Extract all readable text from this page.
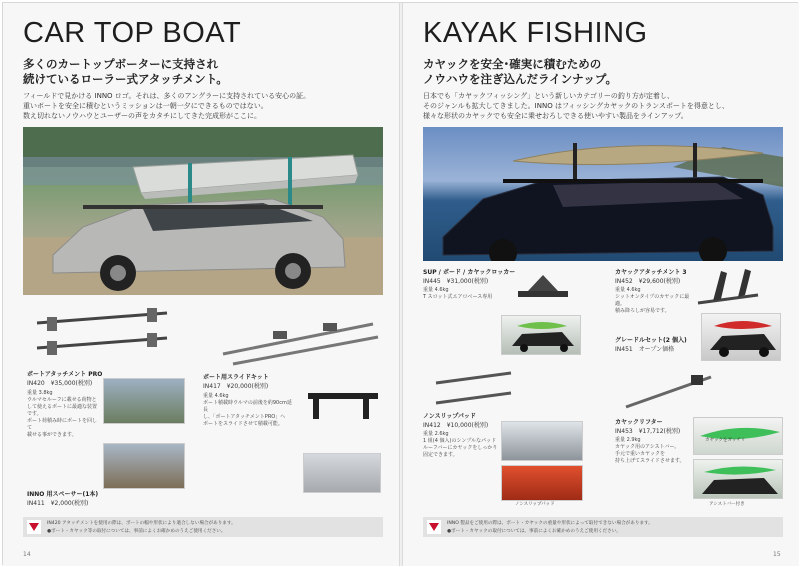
CAR TOP BOAT
多くのカートップボーターに支持され
続けているローラー式アタッチメント。
フィールドで見かける INNO ロゴ。それは、多くのアングラーに支持されている安心の証。
重いボートを安全に積むというミッションは一朝一夕にできるものではない。
数え切れないノウハウとユーザーの声をカタチにしてきた完成形がここに。
ボートアタッチメント PRO
IN420　¥35,000(税別)
重量 3.8kg
ウルマセルーフに載せる荷物として使えるボートに最適な装置です。
ボート荷積み時にボートを回して
載せる事ができます。
ボート用スライドキット
IN417　¥20,000(税別)
重量 4.6kg
ボート積載時ウルマの前後を約90cm延長
し、「ボートアタッチメントPRO」へ
ボートをスライドさせて積載可能。
INNO 用スペーサー(1本)
IN411　¥2,000(税別)
IN420 アタッチメントを使用の際は、ボートの幅や形状により適合しない場合があります。
●ボート・カヤック等の取付については、事前によくお確かめのうえご使用ください。
14
KAYAK FISHING
カヤックを安全･確実に積むための
ノウハウを注ぎ込んだラインナップ。
日本でも「カヤックフィッシング」という新しいカテゴリーの釣り方が定着し、
そのジャンルも拡大してきました。INNO はフィッシングカヤックのトランスポートを得意とし、
様々な形状のカヤックでも安全に乗せおろしできる使いやすい製品をラインアップ。
SUP / ボード / カヤックロッカー
IN445　¥31,000(税別)
重量 4.6kg
T スロット式エアロベース専用
カヤックアタッチメント 3
IN452　¥29,600(税別)
重量 4.6kg
シットオンタイプのカヤックに最適。
積み降ろしが容易です。
グレードルセット(2 個入)
IN451　オープン価格
ノンスリップパッド
IN412　¥10,000(税別)
重量 2.6kg
1 組(4 個入)のシンプルなパッド
ルーフバーにカヤックをしっかり
固定できます。
ノンスリップパッド
カヤックリフター
IN453　¥17,712(税別)
重量 2.9kg
カヤック用のアシストバー。
手元で重いカヤックを
持ち上げてスライドさせます。
カヤックをガッチリ
アシストバー付き
INNO 製品をご使用の際は、ボート・カヤックの重量や形状によって取付できない場合があります。
●ボート・カヤックの取付については、事前によくお確かめのうえご使用ください。
15
